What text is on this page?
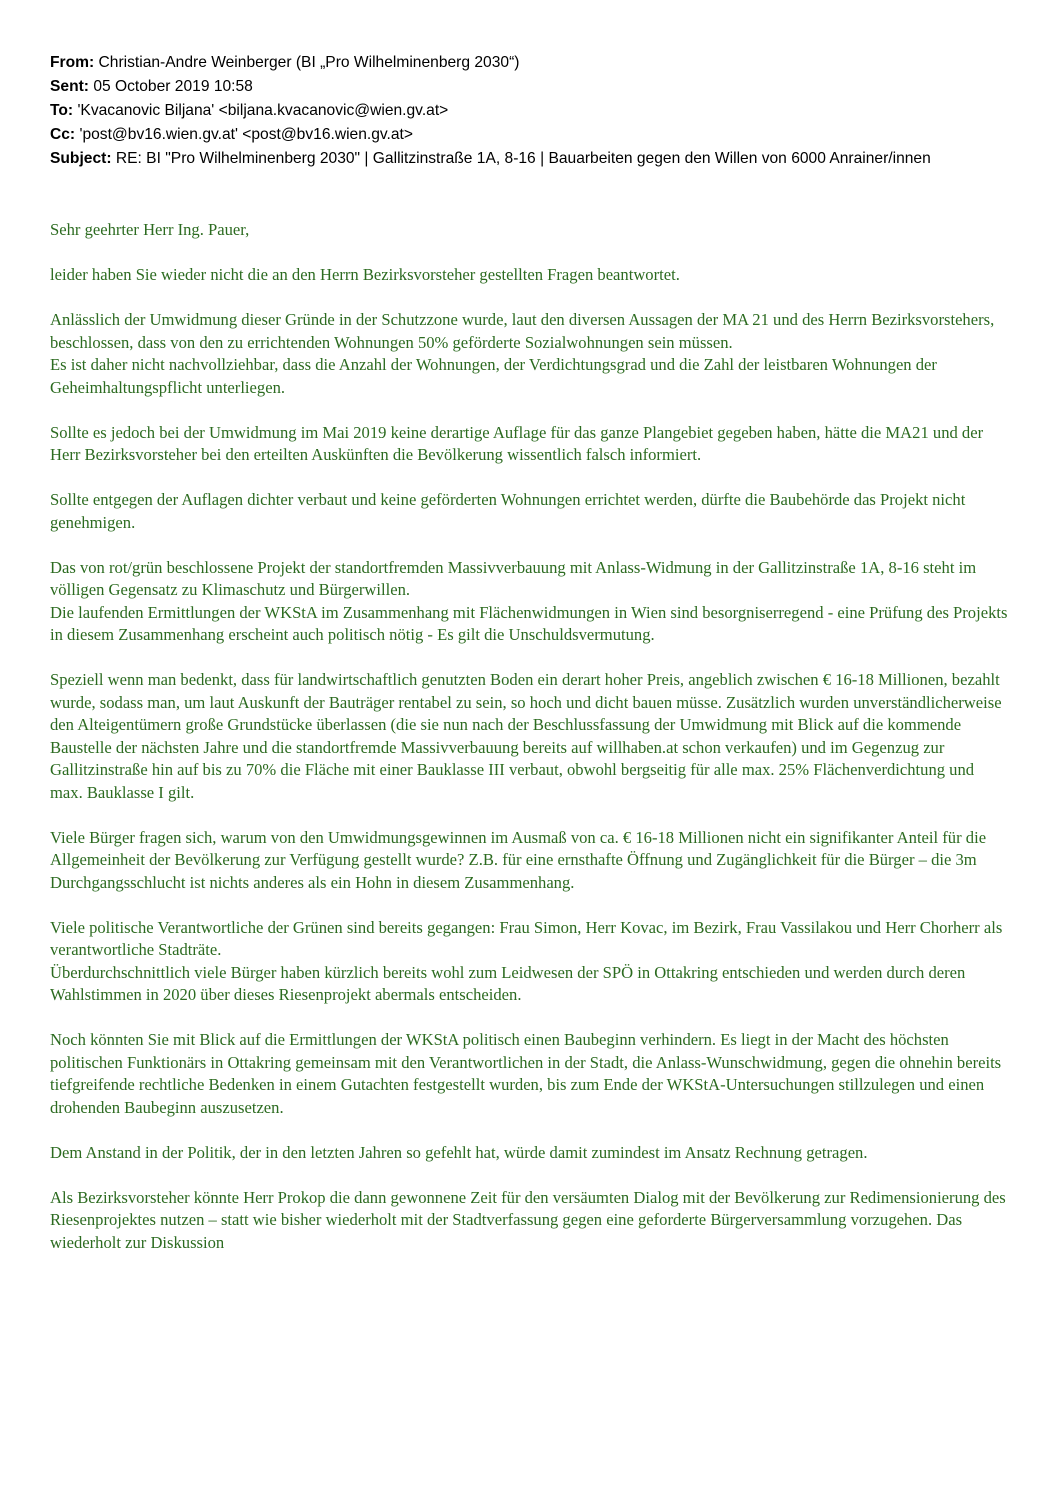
From: Christian-Andre Weinberger (BI „Pro Wilhelminenberg 2030“)
Sent: 05 October 2019 10:58
To: 'Kvacanovic Biljana' <biljana.kvacanovic@wien.gv.at>
Cc: 'post@bv16.wien.gv.at' <post@bv16.wien.gv.at>
Subject: RE: BI "Pro Wilhelminenberg 2030" | Gallitzinstraße 1A, 8-16 | Bauarbeiten gegen den Willen von 6000 Anrainer/innen

Sehr geehrter Herr Ing. Pauer,

leider haben Sie wieder nicht die an den Herrn Bezirksvorsteher gestellten Fragen beantwortet.

Anlässlich der Umwidmung dieser Gründe in der Schutzzone wurde, laut den diversen Aussagen der MA 21 und des Herrn Bezirksvorstehers, beschlossen, dass von den zu errichtenden Wohnungen 50% geförderte Sozialwohnungen sein müssen.
Es ist daher nicht nachvollziehbar, dass die Anzahl der Wohnungen, der Verdichtungsgrad und die Zahl der leistbaren Wohnungen der Geheimhaltungspflicht unterliegen.

Sollte es jedoch bei der Umwidmung im Mai 2019 keine derartige Auflage für das ganze Plangebiet gegeben haben, hätte die MA21 und der Herr Bezirksvorsteher bei den erteilten Auskünften die Bevölkerung wissentlich falsch informiert.

Sollte entgegen der Auflagen dichter verbaut und keine geförderten Wohnungen errichtet werden, dürfte die Baubehörde das Projekt nicht genehmigen.

Das von rot/grün beschlossene Projekt der standortfremden Massivverbauung mit Anlass-Widmung in der Gallitzinstraße 1A, 8-16 steht im völligen Gegensatz zu Klimaschutz und Bürgerwillen.
Die laufenden Ermittlungen der WKStA im Zusammenhang mit Flächenwidmungen in Wien sind besorgniserregend - eine Prüfung des Projekts in diesem Zusammenhang erscheint auch politisch nötig - Es gilt die Unschuldsvermutung.

Speziell wenn man bedenkt, dass für landwirtschaftlich genutzten Boden ein derart hoher Preis, angeblich zwischen € 16-18 Millionen, bezahlt wurde, sodass man, um laut Auskunft der Bauträger rentabel zu sein, so hoch und dicht bauen müsse. Zusätzlich wurden unverständlicherweise den Alteigentümern große Grundstücke überlassen (die sie nun nach der Beschlussfassung der Umwidmung mit Blick auf die kommende Baustelle der nächsten Jahre und die standortfremde Massivverbauung bereits auf willhaben.at schon verkaufen) und im Gegenzug zur Gallitzinstraße hin auf bis zu 70% die Fläche mit einer Bauklasse III verbaut, obwohl bergseitig für alle max. 25% Flächenverdichtung und max. Bauklasse I gilt.

Viele Bürger fragen sich, warum von den Umwidmungsgewinnen im Ausmaß von ca. € 16-18 Millionen nicht ein signifikanter Anteil für die Allgemeinheit der Bevölkerung zur Verfügung gestellt wurde? Z.B. für eine ernsthafte Öffnung und Zugänglichkeit für die Bürger – die 3m Durchgangsschlucht ist nichts anderes als ein Hohn in diesem Zusammenhang.

Viele politische Verantwortliche der Grünen sind bereits gegangen: Frau Simon, Herr Kovac, im Bezirk, Frau Vassilakou und Herr Chorherr als verantwortliche Stadträte.
Überdurchschnittlich viele Bürger haben kürzlich bereits wohl zum Leidwesen der SPÖ in Ottakring entschieden und werden durch deren Wahlstimmen in 2020 über dieses Riesenprojekt abermals entscheiden.

Noch könnten Sie mit Blick auf die Ermittlungen der WKStA politisch einen Baubeginn verhindern. Es liegt in der Macht des höchsten politischen Funktionärs in Ottakring gemeinsam mit den Verantwortlichen in der Stadt, die Anlass-Wunschwidmung, gegen die ohnehin bereits tiefgreifende rechtliche Bedenken in einem Gutachten festgestellt wurden, bis zum Ende der WKStA-Untersuchungen stillzulegen und einen drohenden Baubeginn auszusetzen.

Dem Anstand in der Politik, der in den letzten Jahren so gefehlt hat, würde damit zumindest im Ansatz Rechnung getragen.

Als Bezirksvorsteher könnte Herr Prokop die dann gewonnene Zeit für den versäumten Dialog mit der Bevölkerung zur Redimensionierung des Riesenprojektes nutzen – statt wie bisher wiederholt mit der Stadtverfassung gegen eine geforderte Bürgerversammlung vorzugehen. Das wiederholt zur Diskussion
